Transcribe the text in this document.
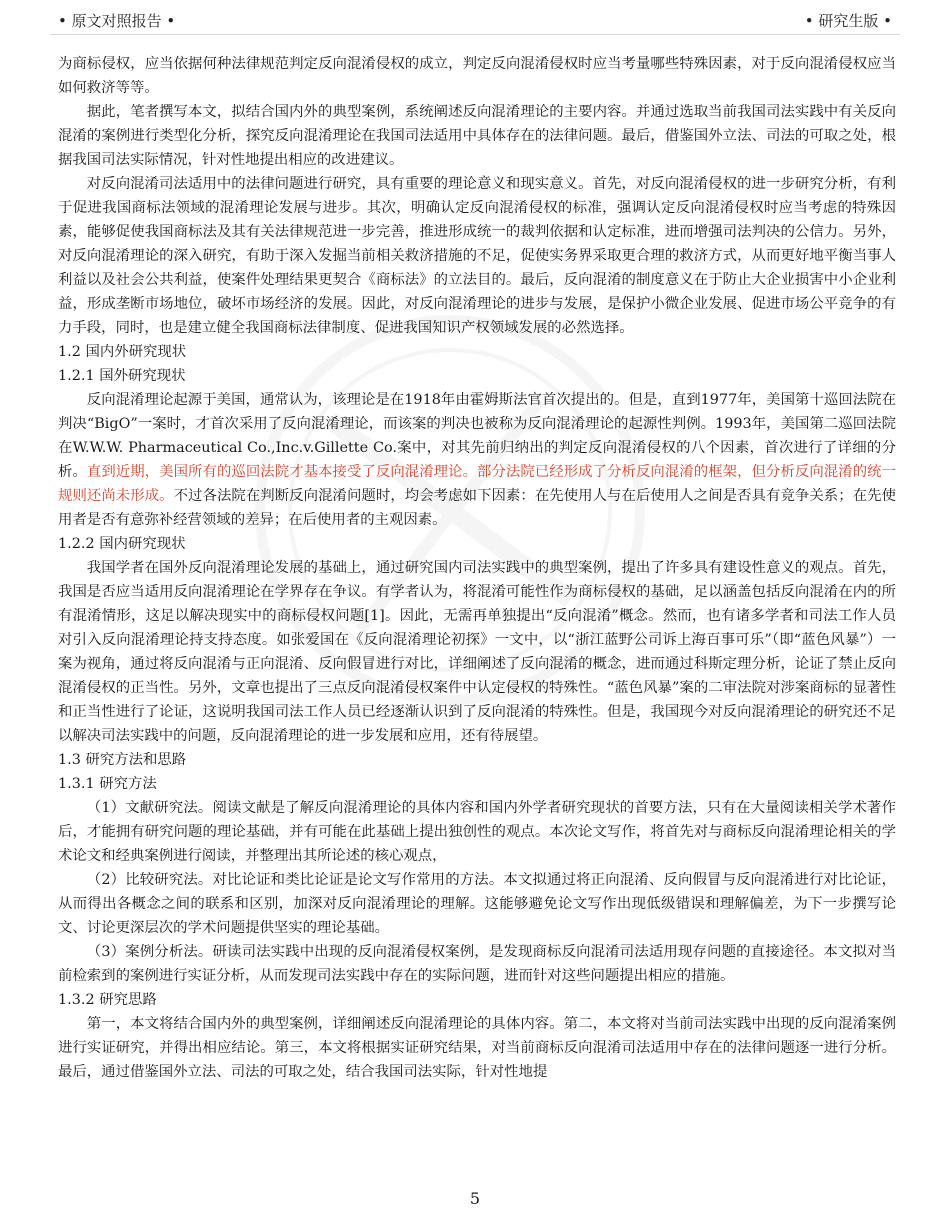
• 原文对照报告 •	• 研究生版 •

为商标侵权，应当依据何种法律规范判定反向混淆侵权的成立，判定反向混淆侵权时应当考量哪些特殊因素，对于反向混淆侵权应当如何救济等等。

据此，笔者撰写本文，拟结合国内外的典型案例，系统阐述反向混淆理论的主要内容。并通过选取当前我国司法实践中有关反向混淆的案例进行类型化分析，探究反向混淆理论在我国司法适用中具体存在的法律问题。最后，借鉴国外立法、司法的可取之处，根据我国司法实际情况，针对性地提出相应的改进建议。

对反向混淆司法适用中的法律问题进行研究，具有重要的理论意义和现实意义。首先，对反向混淆侵权的进一步研究分析，有利于促进我国商标法领域的混淆理论发展与进步。其次，明确认定反向混淆侵权的标准，强调认定反向混淆侵权时应当考虑的特殊因素，能够促使我国商标法及其有关法律规范进一步完善，推进形成统一的裁判依据和认定标准，进而增强司法判决的公信力。另外，对反向混淆理论的深入研究，有助于深入发掘当前相关救济措施的不足，促使实务界采取更合理的救济方式，从而更好地平衡当事人利益以及社会公共利益，使案件处理结果更契合《商标法》的立法目的。最后，反向混淆的制度意义在于防止大企业损害中小企业利益，形成垄断市场地位，破坏市场经济的发展。因此，对反向混淆理论的进步与发展，是保护小微企业发展、促进市场公平竞争的有力手段，同时，也是建立健全我国商标法律制度、促进我国知识产权领域发展的必然选择。

1.2 国内外研究现状

1.2.1 国外研究现状

反向混淆理论起源于美国，通常认为，该理论是在1918年由霍姆斯法官首次提出的。但是，直到1977年，美国第十巡回法院在判决“BigO”一案时，才首次采用了反向混淆理论，而该案的判决也被称为反向混淆理论的起源性判例。1993年，美国第二巡回法院在W.W.W. Pharmaceutical Co.,Inc.v.Gillette Co.案中，对其先前归纳出的判定反向混淆侵权的八个因素，首次进行了详细的分析。直到近期，美国所有的巡回法院才基本接受了反向混淆理论。部分法院已经形成了分析反向混淆的框架，但分析反向混淆的统一规则还尚未形成。不过各法院在判断反向混淆问题时，均会考虑如下因素：在先使用人与在后使用人之间是否具有竞争关系；在先使用者是否有意弥补经营领域的差异；在后使用者的主观因素。

1.2.2 国内研究现状

我国学者在国外反向混淆理论发展的基础上，通过研究国内司法实践中的典型案例，提出了许多具有建设性意义的观点。首先，我国是否应当适用反向混淆理论在学界存在争议。有学者认为，将混淆可能性作为商标侵权的基础，足以涵盖包括反向混淆在内的所有混淆情形，这足以解决现实中的商标侵权问题[1]。因此，无需再单独提出“反向混淆”概念。然而，也有诸多学者和司法工作人员对引入反向混淆理论持支持态度。如张爱国在《反向混淆理论初探》一文中，以“浙江蓝野公司诉上海百事可乐”（即“蓝色风暴”）一案为视角，通过将反向混淆与正向混淆、反向假冒进行对比，详细阐述了反向混淆的概念，进而通过科斯定理分析，论证了禁止反向混淆侵权的正当性。另外，文章也提出了三点反向混淆侵权案件中认定侵权的特殊性。“蓝色风暴”案的二审法院对涉案商标的显著性和正当性进行了论证，这说明我国司法工作人员已经逐渐认识到了反向混淆的特殊性。但是，我国现今对反向混淆理论的研究还不足以解决司法实践中的问题，反向混淆理论的进一步发展和应用，还有待展望。

1.3 研究方法和思路

1.3.1 研究方法

（1）文献研究法。阅读文献是了解反向混淆理论的具体内容和国内外学者研究现状的首要方法，只有在大量阅读相关学术著作后，才能拥有研究问题的理论基础，并有可能在此基础上提出独创性的观点。本次论文写作，将首先对与商标反向混淆理论相关的学术论文和经典案例进行阅读，并整理出其所论述的核心观点，

（2）比较研究法。对比论证和类比论证是论文写作常用的方法。本文拟通过将正向混淆、反向假冒与反向混淆进行对比论证，从而得出各概念之间的联系和区别，加深对反向混淆理论的理解。这能够避免论文写作出现低级错误和理解偏差，为下一步撰写论文、讨论更深层次的学术问题提供坚实的理论基础。

（3）案例分析法。研读司法实践中出现的反向混淆侵权案例，是发现商标反向混淆司法适用现存问题的直接途径。本文拟对当前检索到的案例进行实证分析，从而发现司法实践中存在的实际问题，进而针对这些问题提出相应的措施。

1.3.2 研究思路

第一，本文将结合国内外的典型案例，详细阐述反向混淆理论的具体内容。第二，本文将对当前司法实践中出现的反向混淆案例进行实证研究，并得出相应结论。第三，本文将根据实证研究结果，对当前商标反向混淆司法适用中存在的法律问题逐一进行分析。最后，通过借鉴国外立法、司法的可取之处，结合我国司法实际，针对性地提

5
